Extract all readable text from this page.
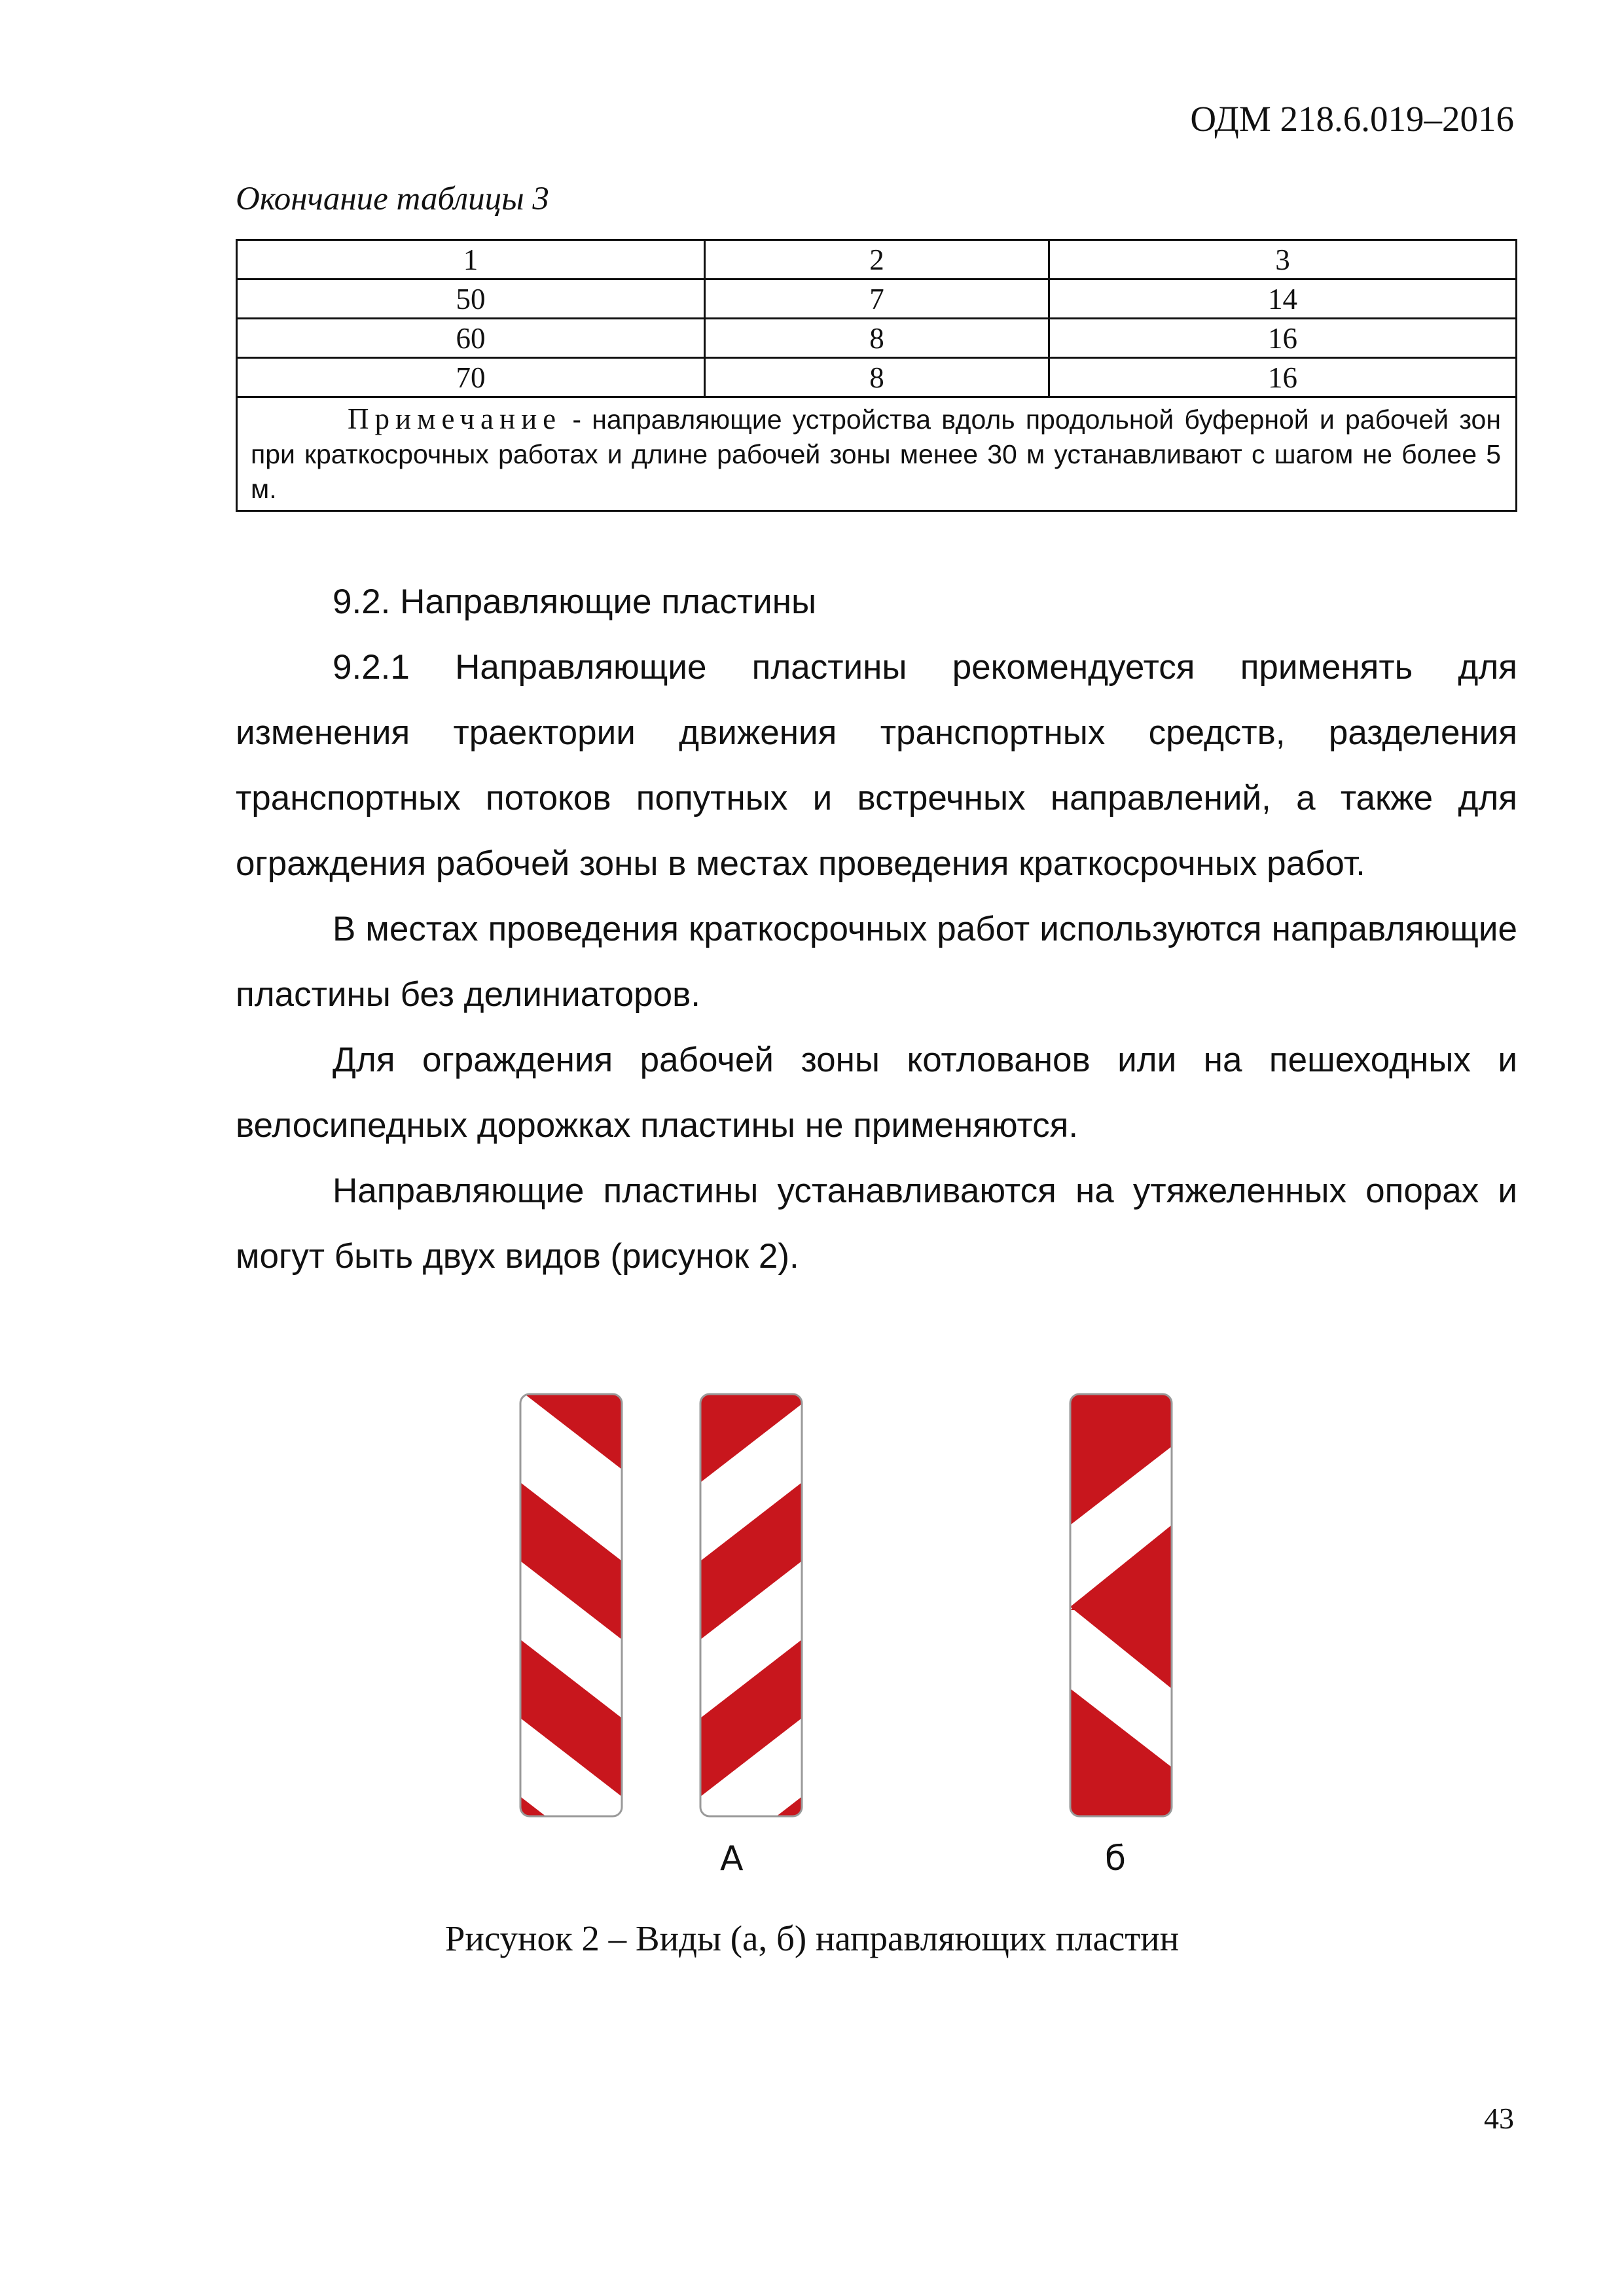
ОДМ 218.6.019–2016
Окончание таблицы 3
1	2	3
50	7	14
60	8	16
70	8	16
Примечание - направляющие устройства вдоль продольной буферной и рабочей зон при краткосрочных работах и длине рабочей зоны менее 30 м устанавливают с шагом не более 5 м.		

9.2. Направляющие пластины

9.2.1 Направляющие пластины рекомендуется применять для изменения траектории движения транспортных средств, разделения транспортных потоков попутных и встречных направлений, а также для ограждения рабочей зоны в местах проведения краткосрочных работ.

В местах проведения краткосрочных работ используются направляющие пластины без делиниаторов.

Для ограждения рабочей зоны котлованов или на пешеходных и велосипедных дорожках пластины не применяются.

Направляющие пластины устанавливаются на утяжеленных опорах и могут быть двух видов (рисунок 2).

А	б
Рисунок 2 – Виды (а, б) направляющих пластин
43
